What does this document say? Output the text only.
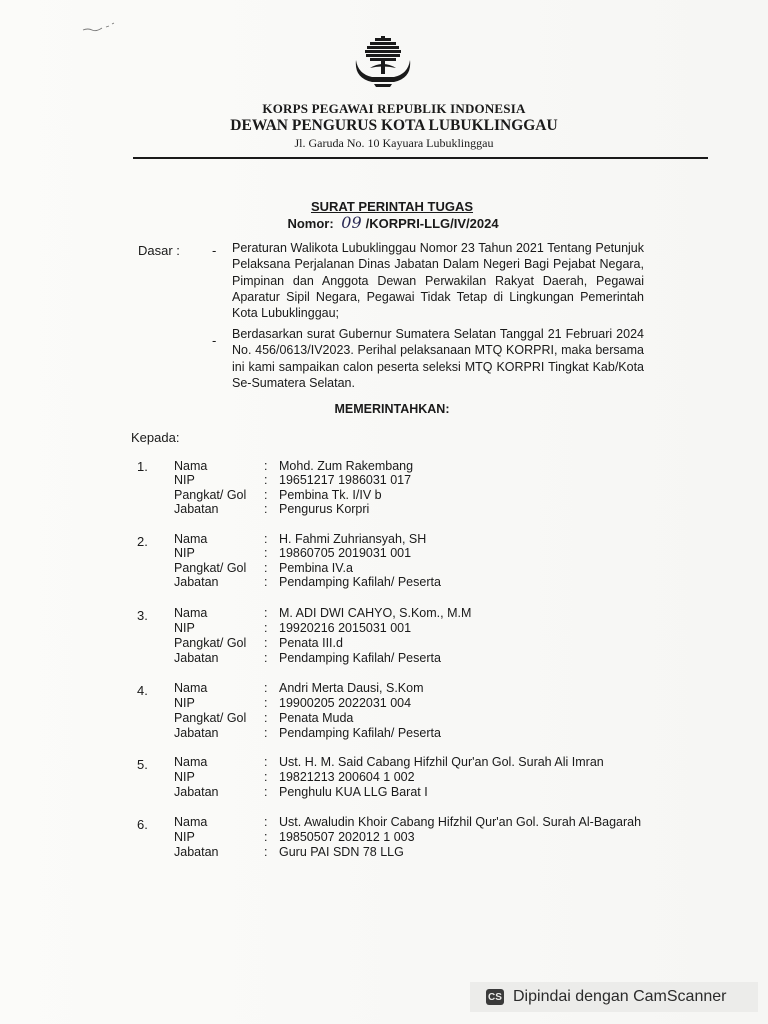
KORPS PEGAWAI REPUBLIK INDONESIA
DEWAN PENGURUS KOTA LUBUKLINGGAU
Jl. Garuda No. 10 Kayuara Lubuklinggau
SURAT PERINTAH TUGAS
Nomor: 09 /KORPRI-LLG/IV/2024
Dasar : - Peraturan Walikota Lubuklinggau Nomor 23 Tahun 2021 Tentang Petunjuk Pelaksana Perjalanan Dinas Jabatan Dalam Negeri Bagi Pejabat Negara, Pimpinan dan Anggota Dewan Perwakilan Rakyat Daerah, Pegawai Aparatur Sipil Negara, Pegawai Tidak Tetap di Lingkungan Pemerintah Kota Lubuklinggau;
- Berdasarkan surat Gubernur Sumatera Selatan Tanggal 21 Februari 2024 No. 456/0613/IV2023. Perihal pelaksanaan MTQ KORPRI, maka bersama ini kami sampaikan calon peserta seleksi MTQ KORPRI Tingkat Kab/Kota Se-Sumatera Selatan.
MEMERINTAHKAN:
Kepada:
1. Nama	: Mohd. Zum Rakembang
NIP	: 19651217 1986031 017
Pangkat/ Gol : Pembina Tk. I/IV b
Jabatan	: Pengurus Korpri
2. Nama	: H. Fahmi Zuhriansyah, SH
NIP	: 19860705 2019031 001
Pangkat/ Gol : Pembina IV.a
Jabatan	: Pendamping Kafilah/ Peserta
3. Nama	: M. ADI DWI CAHYO, S.Kom., M.M
NIP	: 19920216 2015031 001
Pangkat/ Gol : Penata III.d
Jabatan	: Pendamping Kafilah/ Peserta
4. Nama	: Andri Merta Dausi, S.Kom
NIP	: 19900205 2022031 004
Pangkat/ Gol : Penata Muda
Jabatan	: Pendamping Kafilah/ Peserta
5. Nama	: Ust. H. M. Said Cabang Hifzhil Qur'an Gol. Surah Ali Imran
NIP	: 19821213 200604 1 002
Jabatan	: Penghulu KUA LLG Barat I
6. Nama	: Ust. Awaludin Khoir Cabang Hifzhil Qur'an Gol. Surah Al-Bagarah
NIP	: 19850507 202012 1 003
Jabatan	: Guru PAI SDN 78 LLG
CS Dipindai dengan CamScanner
